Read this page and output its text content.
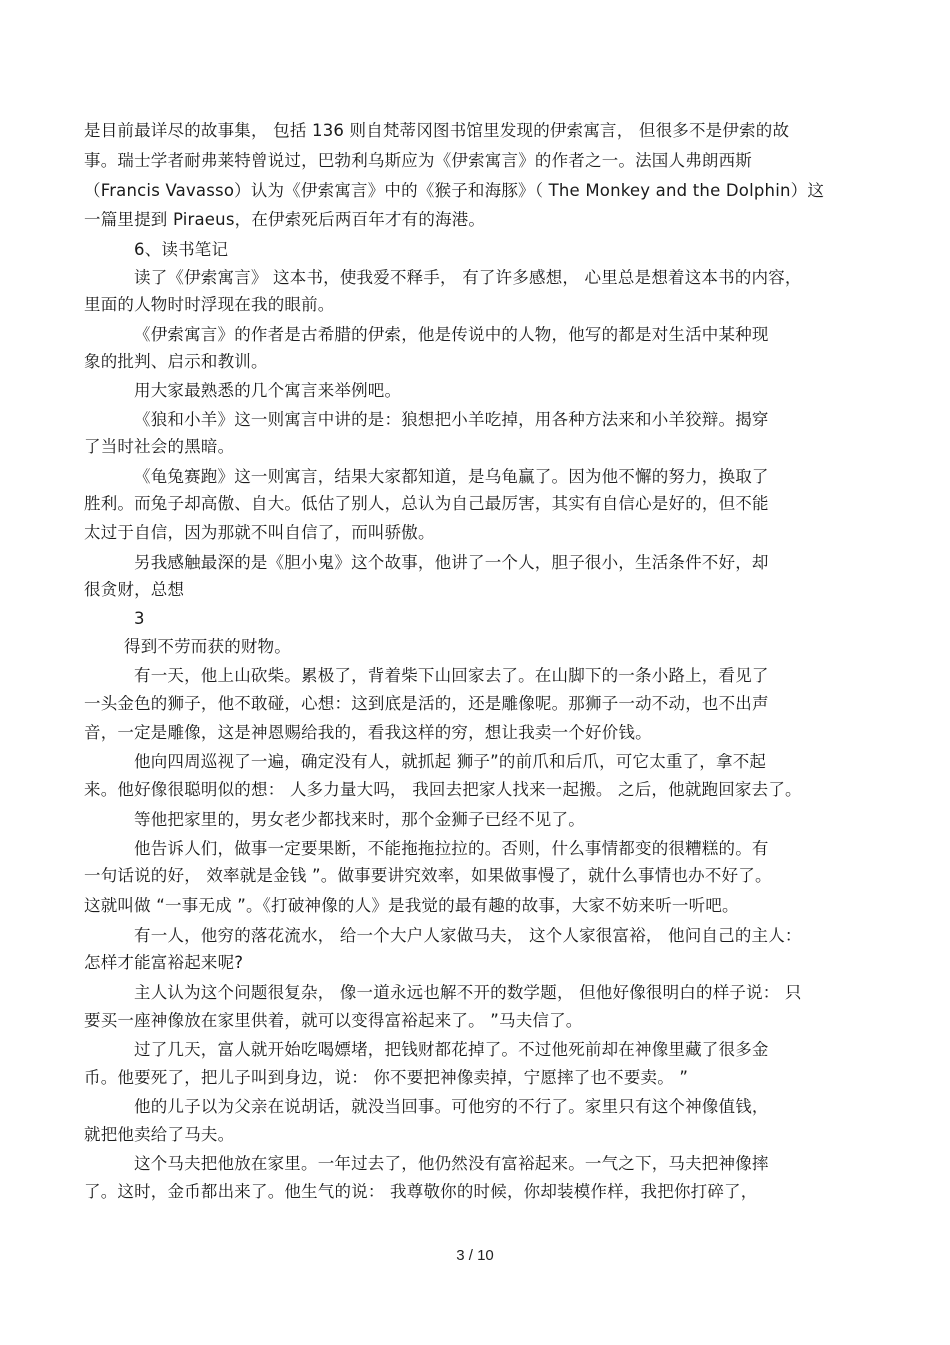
是目前最详尽的故事集， 包括 136 则自梵蒂冈图书馆里发现的伊索寓言， 但很多不是伊索的故
事。瑞士学者耐弗莱特曾说过，巴勃利乌斯应为《伊索寓言》的作者之一。法国人弗朗西斯
（Francis Vavasso）认为《伊索寓言》中的《猴子和海豚》（ The Monkey and the Dolphin）这
一篇里提到 Piraeus，在伊索死后两百年才有的海港。
6、读书笔记
读了《伊索寓言》 这本书，使我爱不释手， 有了许多感想， 心里总是想着这本书的内容，
里面的人物时时浮现在我的眼前。
《伊索寓言》的作者是古希腊的伊索，他是传说中的人物，他写的都是对生活中某种现
象的批判、启示和教训。
用大家最熟悉的几个寓言来举例吧。
《狼和小羊》这一则寓言中讲的是：狼想把小羊吃掉，用各种方法来和小羊狡辩。揭穿
了当时社会的黑暗。
《龟兔赛跑》这一则寓言，结果大家都知道，是乌龟赢了。因为他不懈的努力，换取了
胜利。而兔子却高傲、自大。低估了别人，总认为自己最厉害，其实有自信心是好的，但不能
太过于自信，因为那就不叫自信了，而叫骄傲。
另我感触最深的是《胆小鬼》这个故事，他讲了一个人，胆子很小，生活条件不好，却
很贪财，总想
3
得到不劳而获的财物。
有一天，他上山砍柴。累极了，背着柴下山回家去了。在山脚下的一条小路上，看见了
一头金色的狮子，他不敢碰，心想：这到底是活的，还是雕像呢。那狮子一动不动，也不出声
音，一定是雕像，这是神恩赐给我的，看我这样的穷，想让我卖一个好价钱。
他向四周巡视了一遍，确定没有人，就抓起 狮子”的前爪和后爪，可它太重了，拿不起
来。他好像很聪明似的想： 人多力量大吗， 我回去把家人找来一起搬。 之后，他就跑回家去了。
等他把家里的，男女老少都找来时，那个金狮子已经不见了。
他告诉人们，做事一定要果断，不能拖拖拉拉的。否则，什么事情都变的很糟糕的。有
一句话说的好， 效率就是金钱 ”。做事要讲究效率，如果做事慢了，就什么事情也办不好了。
这就叫做 “一事无成 ”。《打破神像的人》是我觉的最有趣的故事，大家不妨来听一听吧。
有一人，他穷的落花流水， 给一个大户人家做马夫， 这个人家很富裕， 他问自己的主人：
怎样才能富裕起来呢?
主人认为这个问题很复杂， 像一道永远也解不开的数学题， 但他好像很明白的样子说： 只
要买一座神像放在家里供着，就可以变得富裕起来了。 ”马夫信了。
过了几天，富人就开始吃喝嫖堵，把钱财都花掉了。不过他死前却在神像里藏了很多金
币。他要死了，把儿子叫到身边，说： 你不要把神像卖掉，宁愿摔了也不要卖。 ”
他的儿子以为父亲在说胡话，就没当回事。可他穷的不行了。家里只有这个神像值钱，
就把他卖给了马夫。
这个马夫把他放在家里。一年过去了，他仍然没有富裕起来。一气之下，马夫把神像摔
了。这时，金币都出来了。他生气的说： 我尊敬你的时候，你却装模作样，我把你打碎了，
3 / 10
